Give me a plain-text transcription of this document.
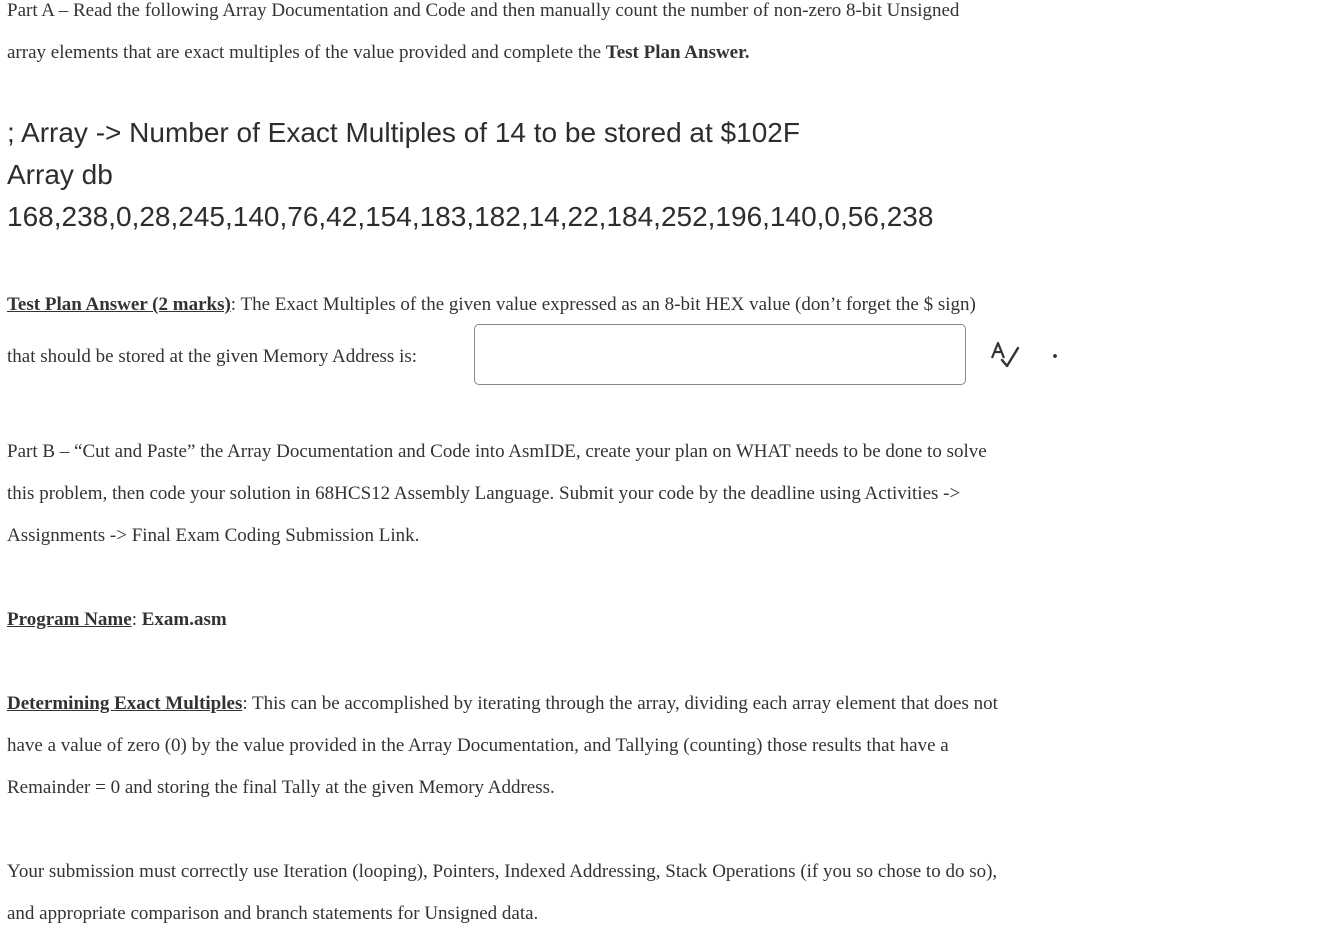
Part A – Read the following Array Documentation and Code and then manually count the number of non-zero 8-bit Unsigned
array elements that are exact multiples of the value provided and complete the Test Plan Answer.
; Array -> Number of Exact Multiples of 14 to be stored at $102F
Array db
168,238,0,28,245,140,76,42,154,183,182,14,22,184,252,196,140,0,56,238
Test Plan Answer (2 marks): The Exact Multiples of the given value expressed as an 8-bit HEX value (don’t forget the $ sign)
that should be stored at the given Memory Address is:	.
Part B – “Cut and Paste” the Array Documentation and Code into AsmIDE, create your plan on WHAT needs to be done to solve
this problem, then code your solution in 68HCS12 Assembly Language. Submit your code by the deadline using Activities ->
Assignments -> Final Exam Coding Submission Link.
Program Name: Exam.asm
Determining Exact Multiples: This can be accomplished by iterating through the array, dividing each array element that does not
have a value of zero (0) by the value provided in the Array Documentation, and Tallying (counting) those results that have a
Remainder = 0 and storing the final Tally at the given Memory Address.
Your submission must correctly use Iteration (looping), Pointers, Indexed Addressing, Stack Operations (if you so chose to do so),
and appropriate comparison and branch statements for Unsigned data.
